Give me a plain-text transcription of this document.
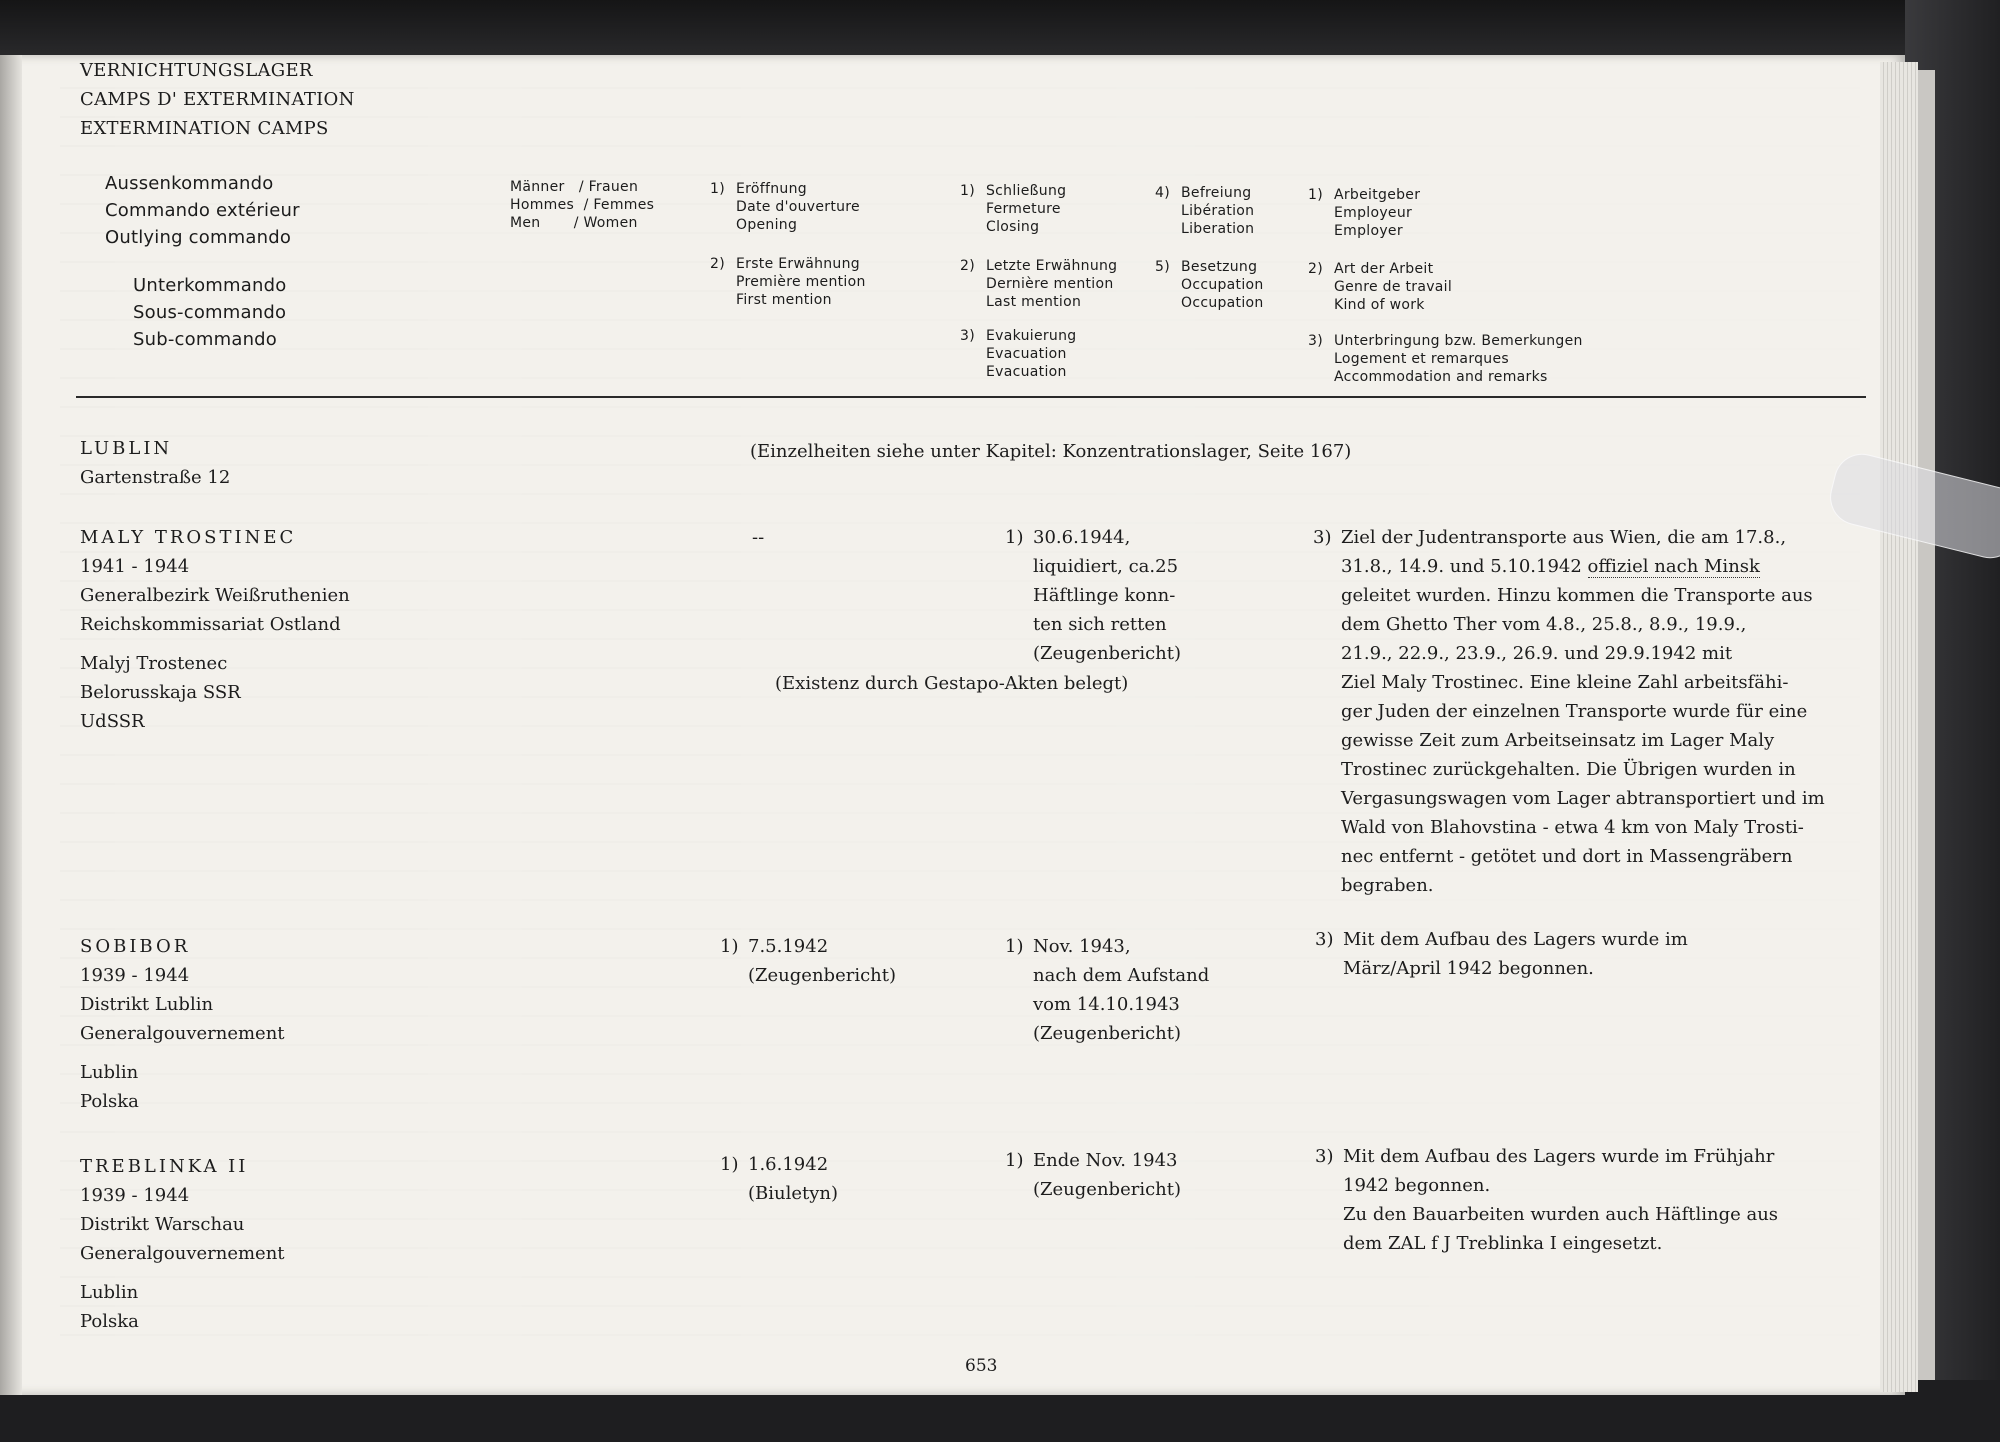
VERNICHTUNGSLAGER
CAMPS D' EXTERMINATION
EXTERMINATION CAMPS
Aussenkommando
Commando extérieur
Outlying commando
Unterkommando
Sous-commando
Sub-commando
Männer   / Frauen
Hommes  / Femmes
Men       / Women
1) Eröffnung
Date d'ouverture
Opening
2) Erste Erwähnung
Première mention
First mention
1) Schließung
Fermeture
Closing
2) Letzte Erwähnung
Dernière mention
Last mention
3) Evakuierung
Evacuation
Evacuation
4) Befreiung
Libération
Liberation
5) Besetzung
Occupation
Occupation
1) Arbeitgeber
Employeur
Employer
2) Art der Arbeit
Genre de travail
Kind of work
3) Unterbringung bzw. Bemerkungen
Logement et remarques
Accommodation and remarks
LUBLIN
Gartenstraße 12
(Einzelheiten siehe unter Kapitel: Konzentrationslager, Seite 167)
MALY TROSTINEC
1941 - 1944
Generalbezirk Weißruthenien
Reichskommissariat Ostland
Malyj Trostenec
Belorusskaja SSR
UdSSR
--
(Existenz durch Gestapo-Akten belegt)
1) 30.6.1944,
liquidiert, ca.25
Häftlinge konn-
ten sich retten
(Zeugenbericht)
3) Ziel der Judentransporte aus Wien, die am 17.8.,
31.8., 14.9. und 5.10.1942 offiziel nach Minsk
geleitet wurden. Hinzu kommen die Transporte aus
dem Ghetto Ther vom 4.8., 25.8., 8.9., 19.9.,
21.9., 22.9., 23.9., 26.9. und 29.9.1942 mit
Ziel Maly Trostinec. Eine kleine Zahl arbeitsfähi-
ger Juden der einzelnen Transporte wurde für eine
gewisse Zeit zum Arbeitseinsatz im Lager Maly
Trostinec zurückgehalten. Die Übrigen wurden in
Vergasungswagen vom Lager abtransportiert und im
Wald von Blahovstina - etwa 4 km von Maly Trosti-
nec entfernt - getötet und dort in Massengräbern
begraben.
SOBIBOR
1939 - 1944
Distrikt Lublin
Generalgouvernement
Lublin
Polska
1) 7.5.1942
(Zeugenbericht)
1) Nov. 1943,
nach dem Aufstand
vom 14.10.1943
(Zeugenbericht)
3) Mit dem Aufbau des Lagers wurde im
März/April 1942 begonnen.
TREBLINKA II
1939 - 1944
Distrikt Warschau
Generalgouvernement
Lublin
Polska
1) 1.6.1942
(Biuletyn)
1) Ende Nov. 1943
(Zeugenbericht)
3) Mit dem Aufbau des Lagers wurde im Frühjahr
1942 begonnen.
Zu den Bauarbeiten wurden auch Häftlinge aus
dem ZAL f J Treblinka I eingesetzt.
653
